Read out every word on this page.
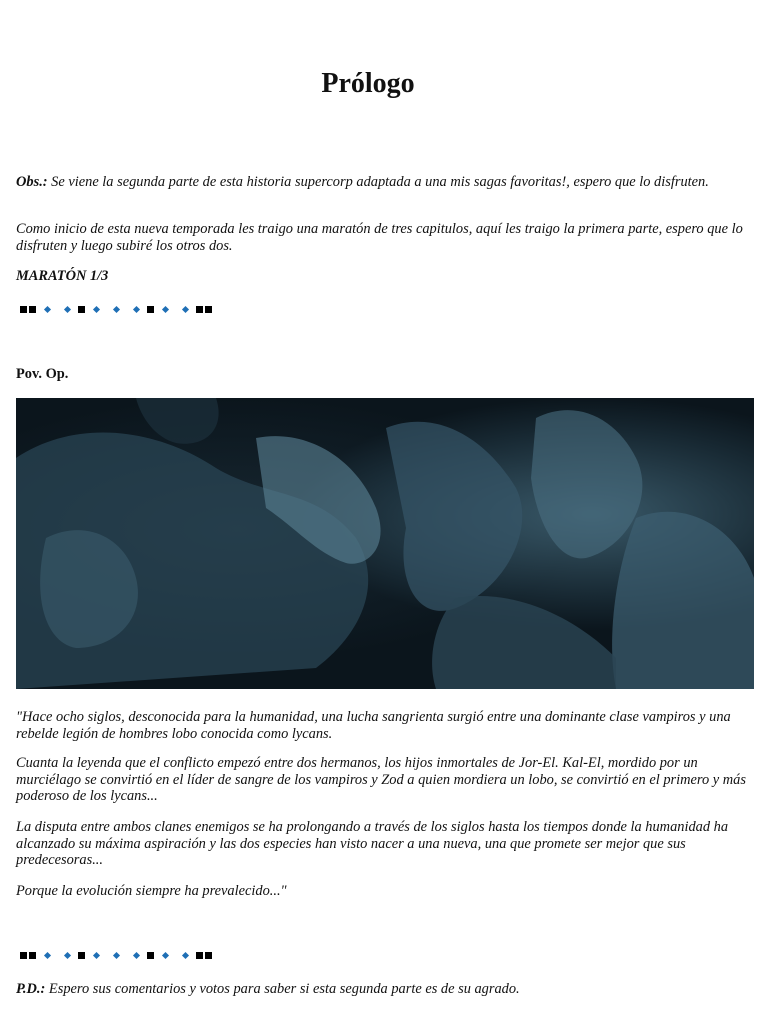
Prólogo
Obs.: Se viene la segunda parte de esta historia supercorp adaptada a una mis sagas favoritas!, espero que lo disfruten.
Como inicio de esta nueva temporada les traigo una maratón de tres capitulos, aquí les traigo la primera parte, espero que lo disfruten y luego subiré los otros dos.
MARATÓN 1/3
Pov. Op.
"Hace ocho siglos, desconocida para la humanidad, una lucha sangrienta surgió entre una dominante clase vampiros y una rebelde legión de hombres lobo conocida como lycans.
Cuanta la leyenda que el conflicto empezó entre dos hermanos, los hijos inmortales de Jor-El. Kal-El, mordido por un murciélago se convirtió en el líder de sangre de los vampiros y Zod a quien mordiera un lobo, se convirtió en el primero y más poderoso de los lycans...
La disputa entre ambos clanes enemigos se ha prolongando a través de los siglos hasta los tiempos donde la humanidad ha alcanzado su máxima aspiración y las dos especies han visto nacer a una nueva, una que promete ser mejor que sus predecesoras...
Porque la evolución siempre ha prevalecido..."
P.D.: Espero sus comentarios y votos para saber si esta segunda parte es de su agrado.
